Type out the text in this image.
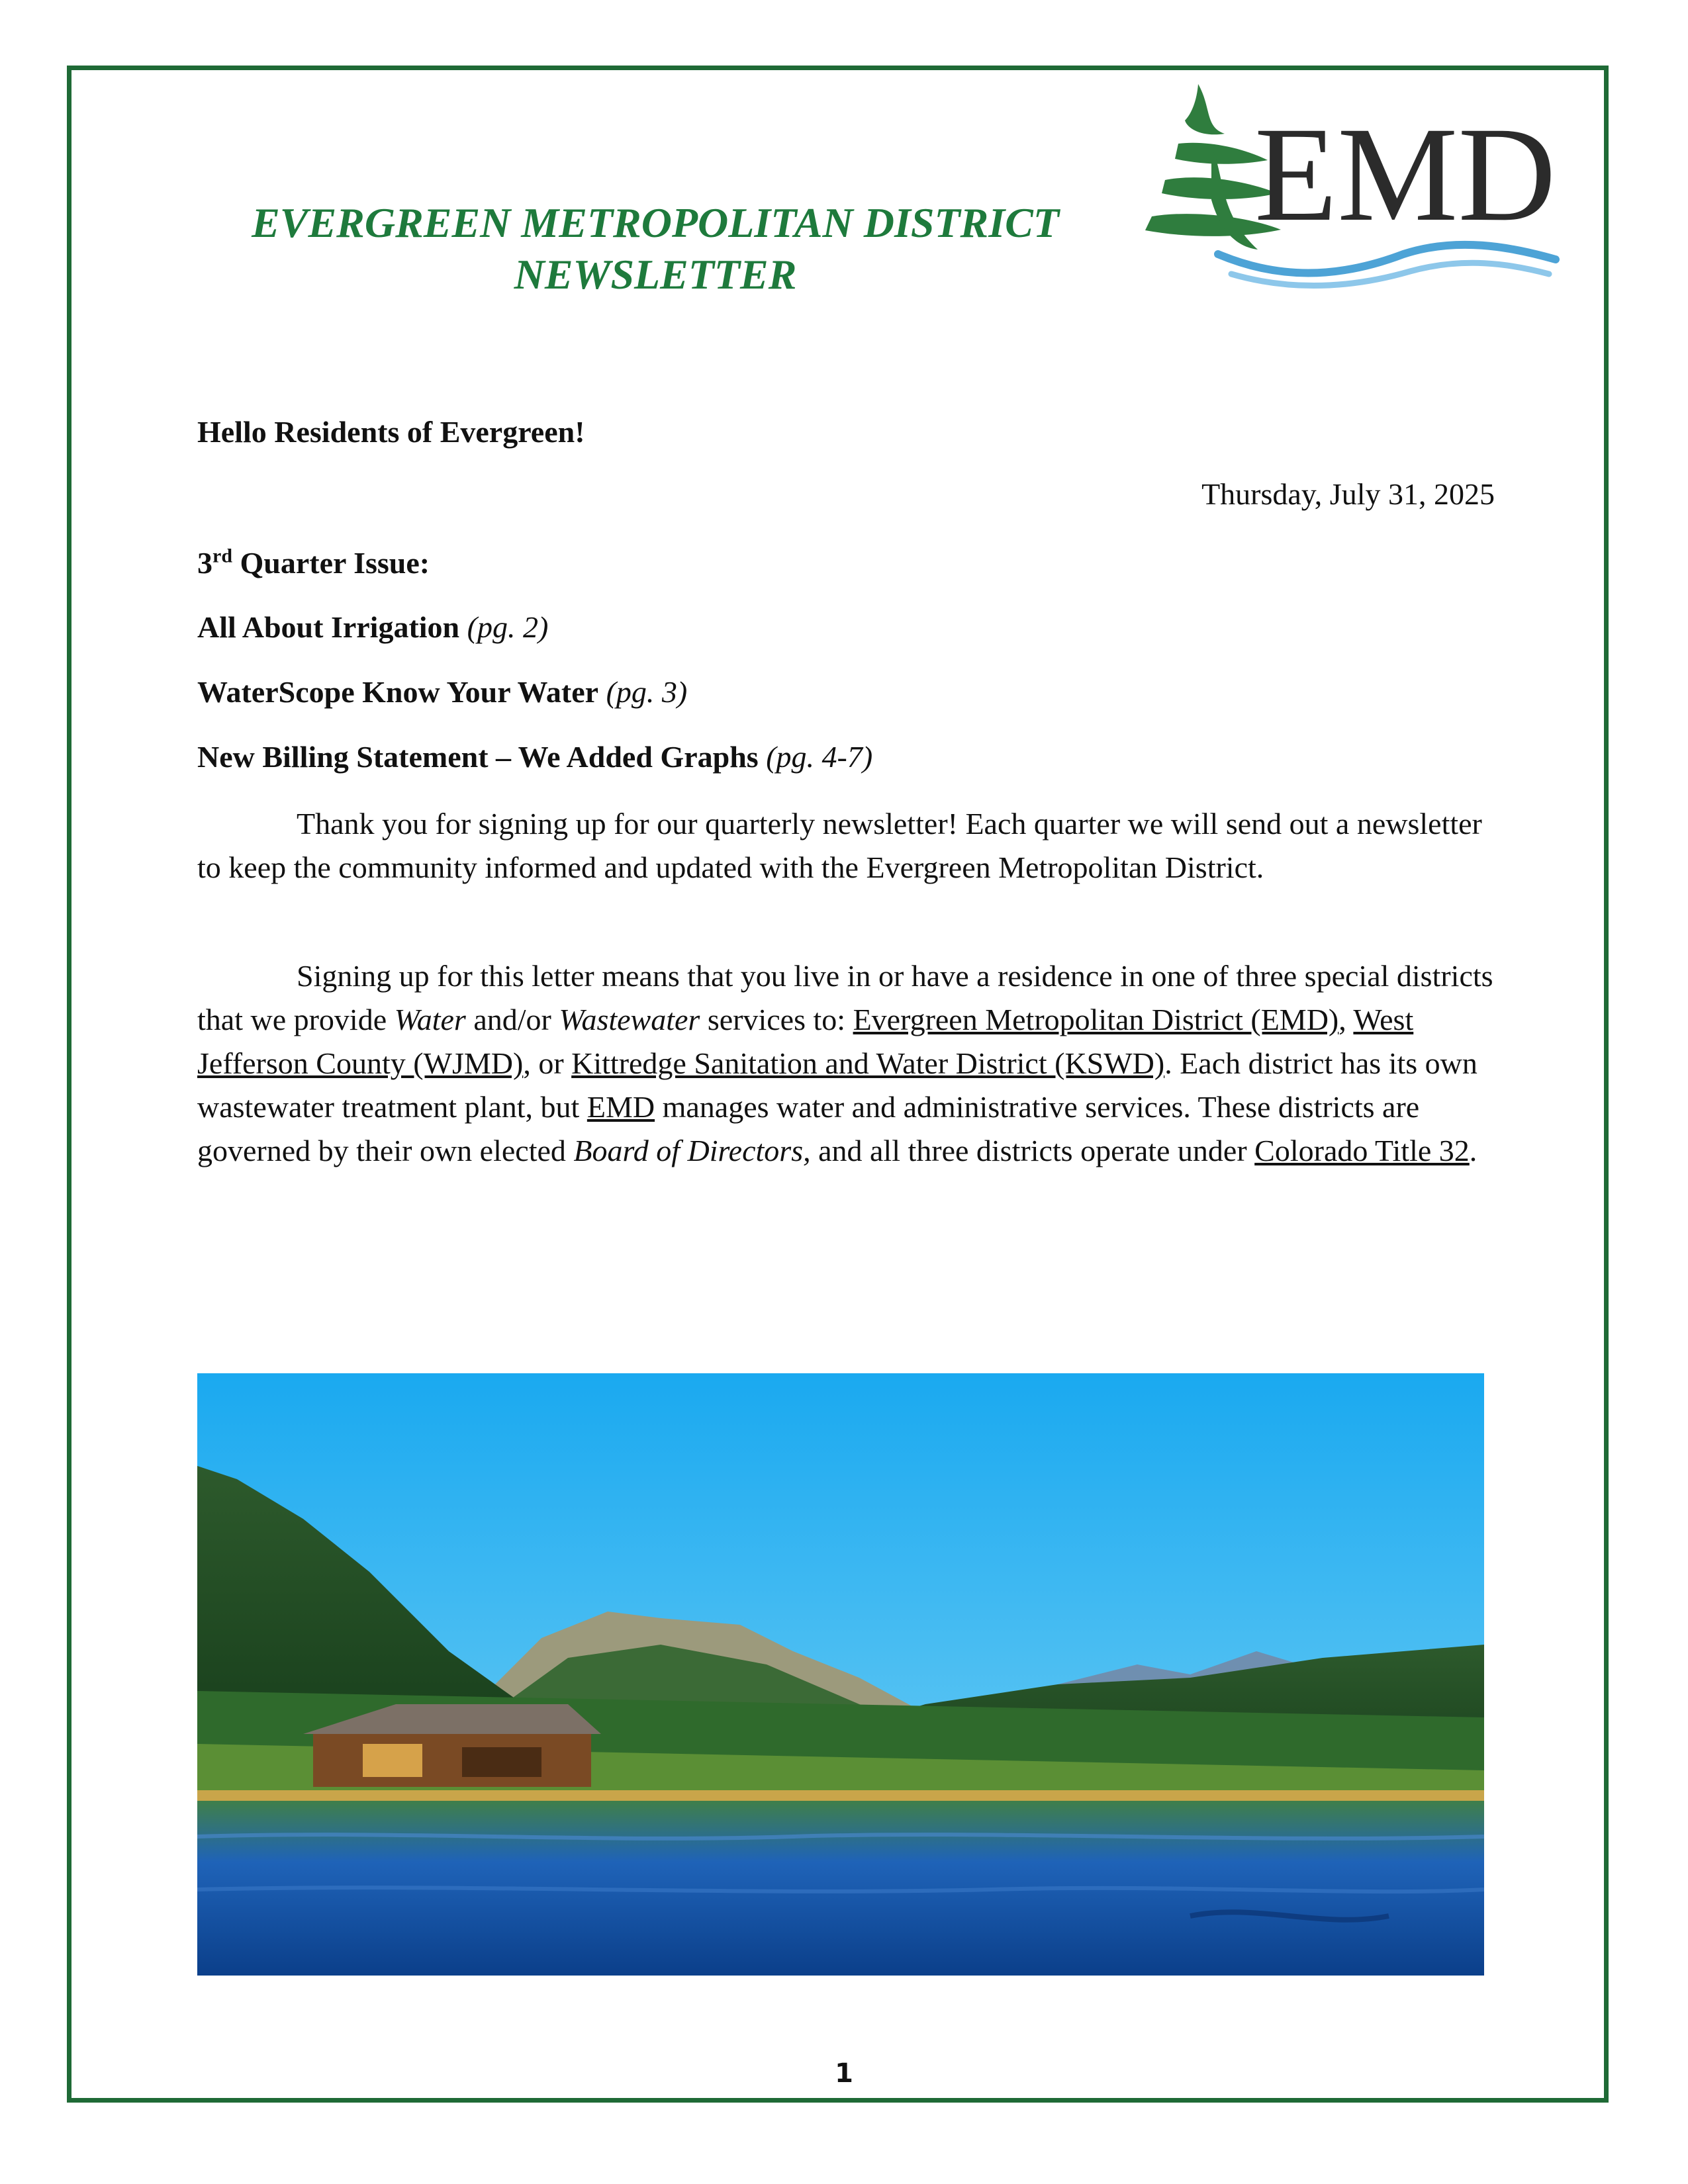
EVERGREEN METROPOLITAN DISTRICT
NEWSLETTER
EMD
Hello Residents of Evergreen!
Thursday, July 31, 2025
3rd Quarter Issue:
All About Irrigation (pg. 2)
WaterScope Know Your Water (pg. 3)
New Billing Statement – We Added Graphs (pg. 4-7)

Thank you for signing up for our quarterly newsletter! Each quarter we will send out a newsletter to keep the community informed and updated with the Evergreen Metropolitan District.

Signing up for this letter means that you live in or have a residence in one of three special districts that we provide Water and/or Wastewater services to: Evergreen Metropolitan District (EMD), West Jefferson County (WJMD), or Kittredge Sanitation and Water District (KSWD). Each district has its own wastewater treatment plant, but EMD manages water and administrative services. These districts are governed by their own elected Board of Directors, and all three districts operate under Colorado Title 32.

1
